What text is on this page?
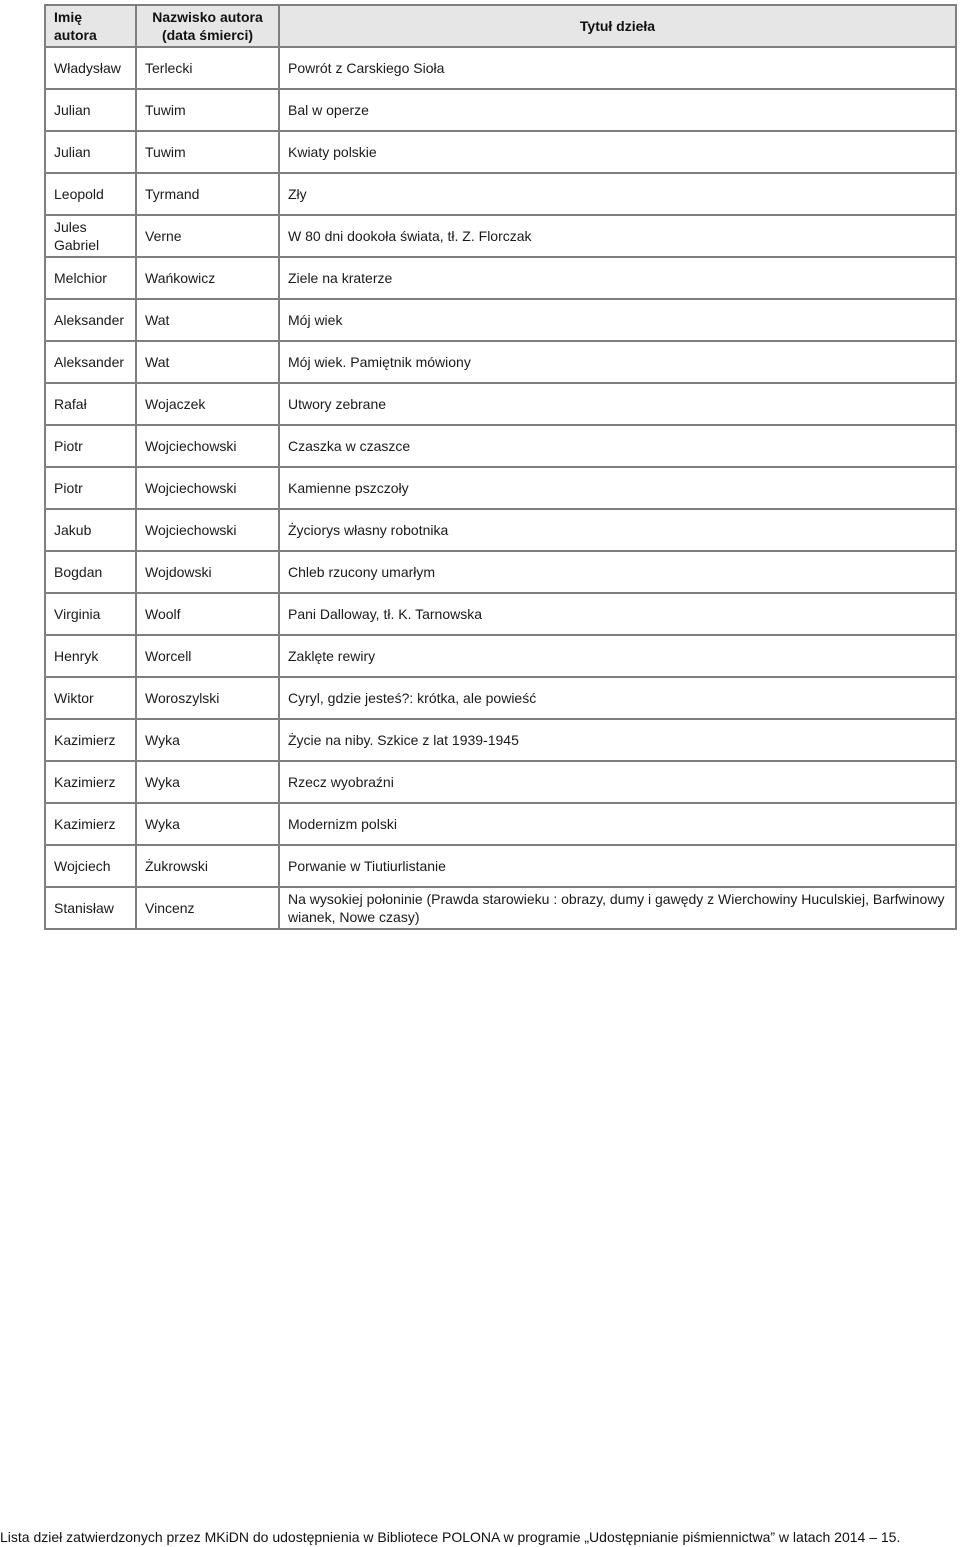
Imię autora	Nazwisko autora (data śmierci)	Tytuł dzieła
Władysław	Terlecki	Powrót z Carskiego Sioła
Julian	Tuwim	Bal w operze
Julian	Tuwim	Kwiaty polskie
Leopold	Tyrmand	Zły
Jules Gabriel	Verne	W 80 dni dookoła świata, tł. Z. Florczak
Melchior	Wańkowicz	Ziele na kraterze
Aleksander	Wat	Mój wiek
Aleksander	Wat	Mój wiek. Pamiętnik mówiony
Rafał	Wojaczek	Utwory zebrane
Piotr	Wojciechowski	Czaszka w czaszce
Piotr	Wojciechowski	Kamienne pszczoły
Jakub	Wojciechowski	Życiorys własny robotnika
Bogdan	Wojdowski	Chleb rzucony umarłym
Virginia	Woolf	Pani Dalloway, tł. K. Tarnowska
Henryk	Worcell	Zaklęte rewiry
Wiktor	Woroszylski	Cyryl, gdzie jesteś?: krótka, ale powieść
Kazimierz	Wyka	Życie na niby. Szkice z lat 1939-1945
Kazimierz	Wyka	Rzecz wyobraźni
Kazimierz	Wyka	Modernizm polski
Wojciech	Żukrowski	Porwanie w Tiutiurlistanie
Stanisław	Vincenz	Na wysokiej połoninie (Prawda starowieku : obrazy, dumy i gawędy z Wierchowiny Huculskiej, Barfwinowy wianek, Nowe czasy)
Lista dzieł zatwierdzonych przez MKiDN do udostępnienia w Bibliotece POLONA w programie „Udostępnianie piśmiennictwa” w latach 2014 – 15.
